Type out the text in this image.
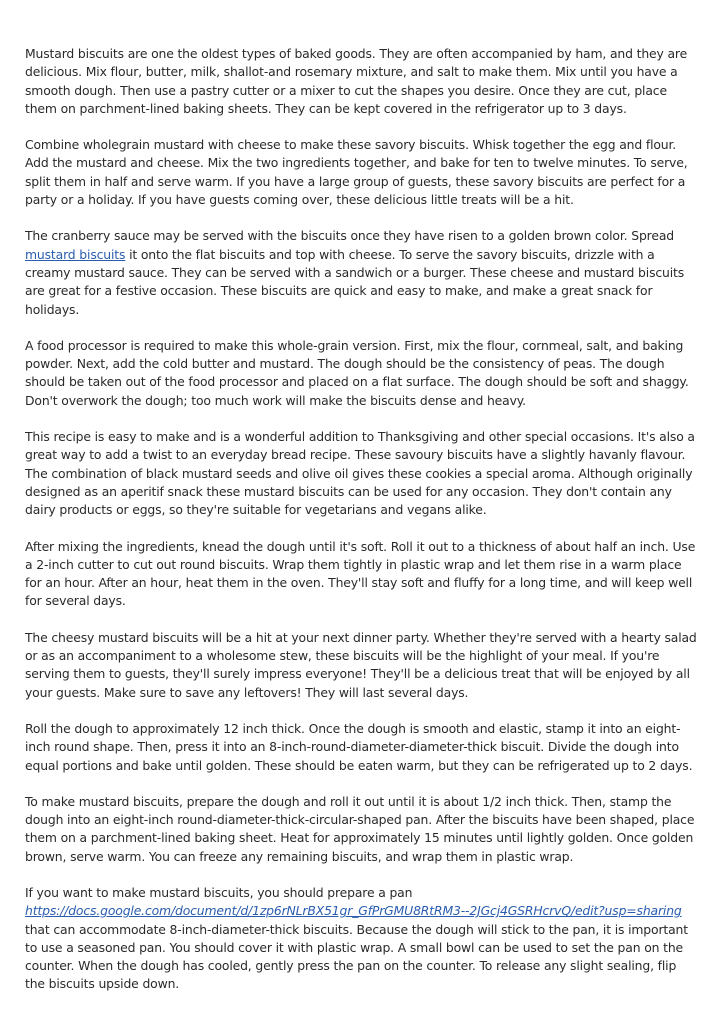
Mustard biscuits are one the oldest types of baked goods. They are often accompanied by ham, and they are delicious. Mix flour, butter, milk, shallot-and rosemary mixture, and salt to make them. Mix until you have a smooth dough. Then use a pastry cutter or a mixer to cut the shapes you desire. Once they are cut, place them on parchment-lined baking sheets. They can be kept covered in the refrigerator up to 3 days.

Combine wholegrain mustard with cheese to make these savory biscuits. Whisk together the egg and flour. Add the mustard and cheese. Mix the two ingredients together, and bake for ten to twelve minutes. To serve, split them in half and serve warm. If you have a large group of guests, these savory biscuits are perfect for a party or a holiday. If you have guests coming over, these delicious little treats will be a hit.

The cranberry sauce may be served with the biscuits once they have risen to a golden brown color. Spread mustard biscuits it onto the flat biscuits and top with cheese. To serve the savory biscuits, drizzle with a creamy mustard sauce. They can be served with a sandwich or a burger. These cheese and mustard biscuits are great for a festive occasion. These biscuits are quick and easy to make, and make a great snack for holidays.

A food processor is required to make this whole-grain version. First, mix the flour, cornmeal, salt, and baking powder. Next, add the cold butter and mustard. The dough should be the consistency of peas. The dough should be taken out of the food processor and placed on a flat surface. The dough should be soft and shaggy. Don't overwork the dough; too much work will make the biscuits dense and heavy.

This recipe is easy to make and is a wonderful addition to Thanksgiving and other special occasions. It's also a great way to add a twist to an everyday bread recipe. These savoury biscuits have a slightly havanly flavour. The combination of black mustard seeds and olive oil gives these cookies a special aroma. Although originally designed as an aperitif snack these mustard biscuits can be used for any occasion. They don't contain any dairy products or eggs, so they're suitable for vegetarians and vegans alike.

After mixing the ingredients, knead the dough until it's soft. Roll it out to a thickness of about half an inch. Use a 2-inch cutter to cut out round biscuits. Wrap them tightly in plastic wrap and let them rise in a warm place for an hour. After an hour, heat them in the oven. They'll stay soft and fluffy for a long time, and will keep well for several days.

The cheesy mustard biscuits will be a hit at your next dinner party. Whether they're served with a hearty salad or as an accompaniment to a wholesome stew, these biscuits will be the highlight of your meal. If you're serving them to guests, they'll surely impress everyone! They'll be a delicious treat that will be enjoyed by all your guests. Make sure to save any leftovers! They will last several days.

Roll the dough to approximately 12 inch thick. Once the dough is smooth and elastic, stamp it into an eight-inch round shape. Then, press it into an 8-inch-round-diameter-diameter-thick biscuit. Divide the dough into equal portions and bake until golden. These should be eaten warm, but they can be refrigerated up to 2 days.

To make mustard biscuits, prepare the dough and roll it out until it is about 1/2 inch thick. Then, stamp the dough into an eight-inch round-diameter-thick-circular-shaped pan. After the biscuits have been shaped, place them on a parchment-lined baking sheet. Heat for approximately 15 minutes until lightly golden. Once golden brown, serve warm. You can freeze any remaining biscuits, and wrap them in plastic wrap.

If you want to make mustard biscuits, you should prepare a pan https://docs.google.com/document/d/1zp6rNLrBX51gr_GfPrGMU8RtRM3--2JGcj4GSRHcrvQ/edit?usp=sharing that can accommodate 8-inch-diameter-thick biscuits. Because the dough will stick to the pan, it is important to use a seasoned pan. You should cover it with plastic wrap. A small bowl can be used to set the pan on the counter. When the dough has cooled, gently press the pan on the counter. To release any slight sealing, flip the biscuits upside down.
